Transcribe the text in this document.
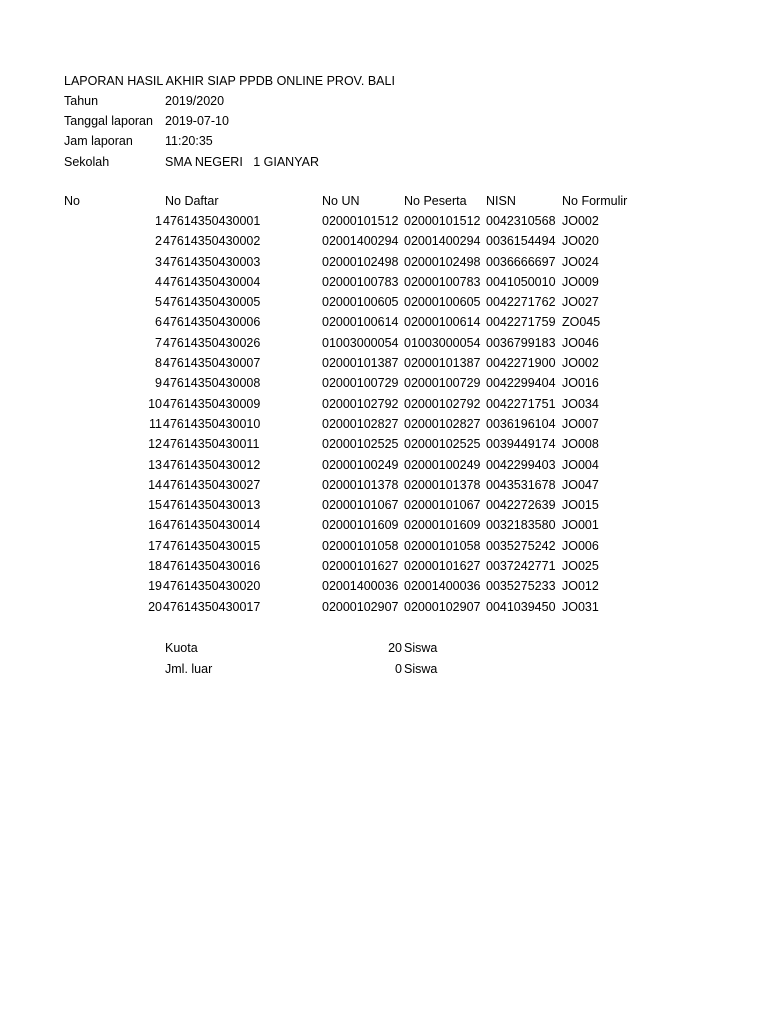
LAPORAN HASIL AKHIR SIAP PPDB ONLINE PROV. BALI
Tahun	2019/2020
Tanggal laporan 2019-07-10
Jam laporan	11:20:35
Sekolah	SMA NEGERI   1 GIANYAR
No	No Daftar	No UN	No Peserta NISN	No Formulir
1 47614350430001	02000101512 02000101512 0042310568 JO002
2 47614350430002	02001400294 02001400294 0036154494 JO020
3 47614350430003	02000102498 02000102498 0036666697 JO024
4 47614350430004	02000100783 02000100783 0041050010 JO009
5 47614350430005	02000100605 02000100605 0042271762 JO027
6 47614350430006	02000100614 02000100614 0042271759 ZO045
7 47614350430026	01003000054 01003000054 0036799183 JO046
8 47614350430007	02000101387 02000101387 0042271900 JO002
9 47614350430008	02000100729 02000100729 0042299404 JO016
10 47614350430009	02000102792 02000102792 0042271751 JO034
11 47614350430010	02000102827 02000102827 0036196104 JO007
12 47614350430011	02000102525 02000102525 0039449174 JO008
13 47614350430012	02000100249 02000100249 0042299403 JO004
14 47614350430027	02000101378 02000101378 0043531678 JO047
15 47614350430013	02000101067 02000101067 0042272639 JO015
16 47614350430014	02000101609 02000101609 0032183580 JO001
17 47614350430015	02000101058 02000101058 0035275242 JO006
18 47614350430016	02000101627 02000101627 0037242771 JO025
19 47614350430020	02001400036 02001400036 0035275233 JO012
20 47614350430017	02000102907 02000102907 0041039450 JO031
Kuota	20 Siswa
Jml. luar	0 Siswa
